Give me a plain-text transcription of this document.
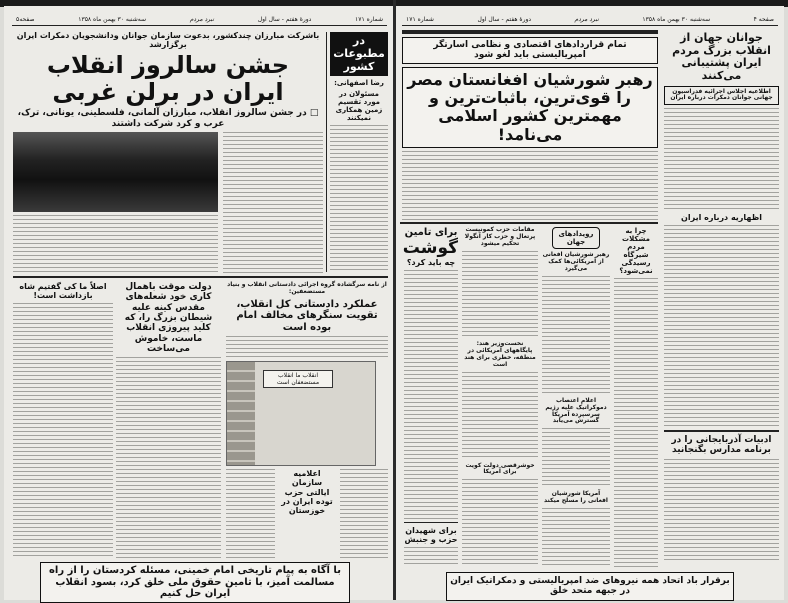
شماره ۱۷۱
دورهٔ هفتم - سال اول
نبرد مردم
سه‌شنبه ۳۰ بهمن ماه ۱۳۵۸
صفحه۵
باشرکت مبارزان چندکشور، بدعوت سازمان جوانان ودانشجویان دمکرات ایران برگزارشد
جشن سالروز انقلاب ایران در برلن غربی
□ در جشن سالروز انقلاب، مبارزان آلمانی، فلسطینی، یونانی، ترک، عرب و کرد شرکت داشتند
در مطبوعات کشور
رضا اصفهانی:
مسئولان در مورد تقسیم زمین همکاری نمیکنند
اصلاً ما کی گفتیم شاه بازداشت است!
دولت موقت باهمال کاری خود شعله‌های مقدس کینه علیه شیطان بزرگ‌ را، که کلید پیروزی انقلاب ماست، خاموش می‌ساخت
از نامه سرگشاده گروه اجرائی دادستانی انقلاب و بنیاد مستضعفین:
عملکرد دادستانی کل انقلاب، تقویت سنگرهای مخالف امام بوده است
انقلاب ما انقلاب مستضعفان است
اعلامیه سازمان ایالتی حزب توده ایران در خوزستان
با آگاه به پیام تاریخی امام خمینی، مسئله کردستان را از راه مسالمت آمیز، با تامین حقوق ملی خلق کرد، بسود انقلاب ایران حل کنیم
صفحه ۴
سه‌شنبه ۳۰ بهمن ماه ۱۳۵۸
نبرد مردم
دورهٔ هفتم - سال اول
شماره ۱۷۱
تمام قراردادهای اقتصادی و نظامی اسارتگر امپریالیستی باید لغو شود
رهبر شورشیان افغانستان مصر را قوی‌ترین، باثبات‌ترین و مهمترین کشور اسلامی می‌نامد!
جوانان جهان از انقلاب بزرگ مردم ایران پشتیبانی می‌کنند
اطلاعیه اجلاس اجرائیه فدراسیون جهانی جوانان دمکرات درباره ایران
اظهاریه درباره ایران
ادبیات آذربایجانی را در برنامه مدارس بگنجانید
برای تامین
گوشت
چه باید کرد؟
برای شهیدان حزب و جنبش
مقامات حزب کمونیست پرتغال و حزب کار آنگولا تحکیم میشود
نخست‌وزیر هند: پایگاههای آمریکائی در منطقه، خطری برای هند است
خوشرقصی دولت کویت برای آمریکا
رویدادهای جهان
رهبر شورشیان افغانی از آمریکائی‌ها کمک می‌گیرد
اعلام اعتصاب دموکراتیک علیه رژیم سرسپرده آمریکا گسترش می‌یابد
آمریکا شورشیان افغانی را مسلح میکند
چرا به مشکلات مردم شیرگاه رسیدگی نمی‌شود؟
برقرار باد اتحاد همه نیروهای ضد امپریالیستی و دمکراتیک ایران در جبهه متحد خلق
